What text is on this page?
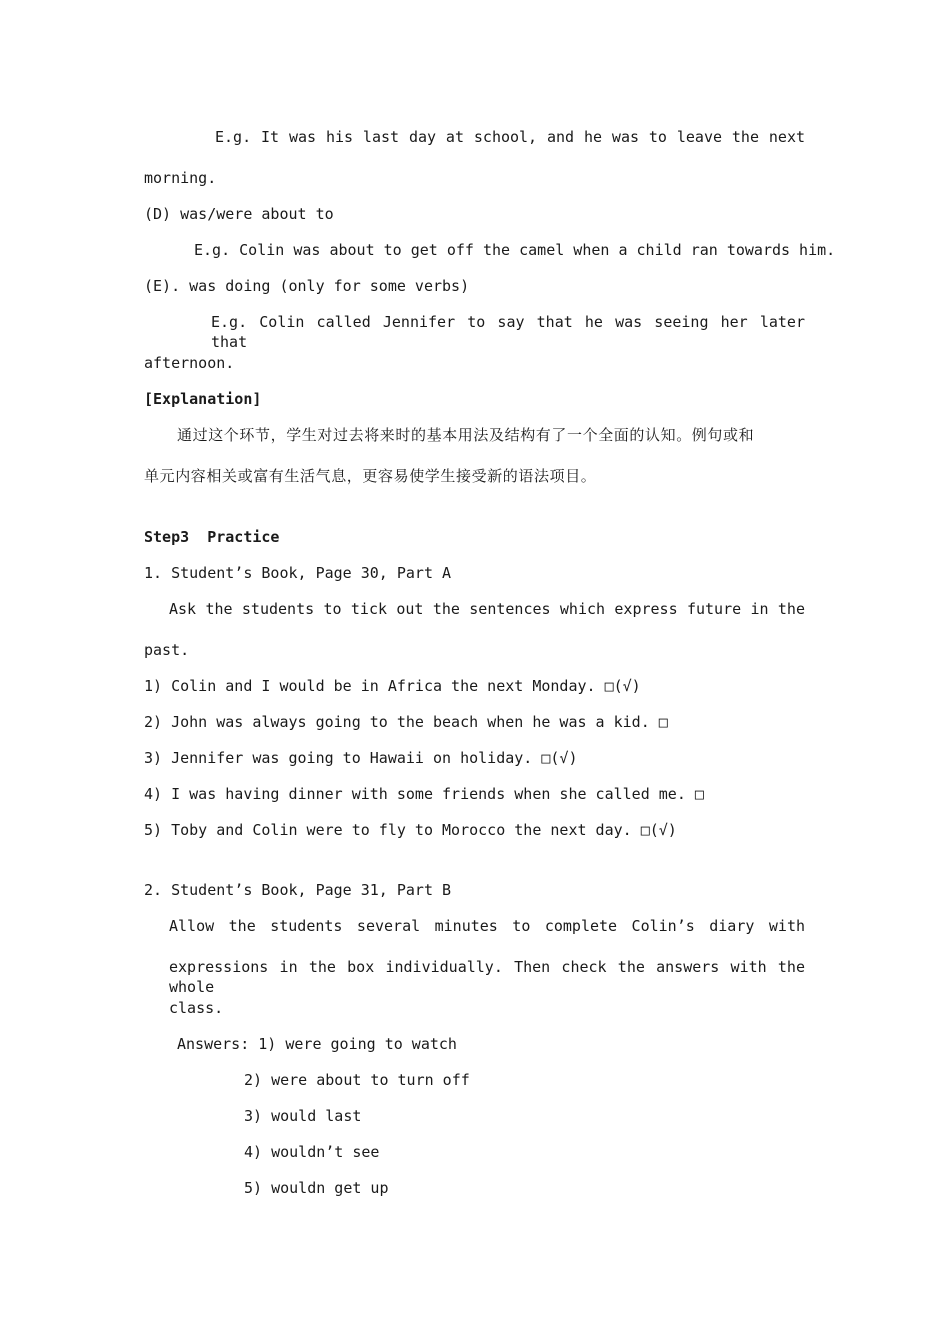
E.g. It was his last day at school, and he was to leave the next
morning.
(D) was/were about to
E.g. Colin was about to get off the camel when a child ran towards him.
(E). was doing (only for some verbs)
E.g. Colin called Jennifer to say that he was seeing her later that
afternoon.
[Explanation]
通过这个环节，学生对过去将来时的基本用法及结构有了一个全面的认知。例句或和
单元内容相关或富有生活气息，更容易使学生接受新的语法项目。
Step3  Practice
1. Student’s Book, Page 30, Part A
Ask the students to tick out the sentences which express future in the
past.
1) Colin and I would be in Africa the next Monday. □(√)
2) John was always going to the beach when he was a kid. □
3) Jennifer was going to Hawaii on holiday. □(√)
4) I was having dinner with some friends when she called me. □
5) Toby and Colin were to fly to Morocco the next day. □(√)
2. Student’s Book, Page 31, Part B
Allow the students several minutes to complete Colin’s diary with
expressions in the box individually. Then check the answers with the whole
class.
Answers: 1) were going to watch
2) were about to turn off
3) would last
4) wouldn’t see
5) wouldn get up
